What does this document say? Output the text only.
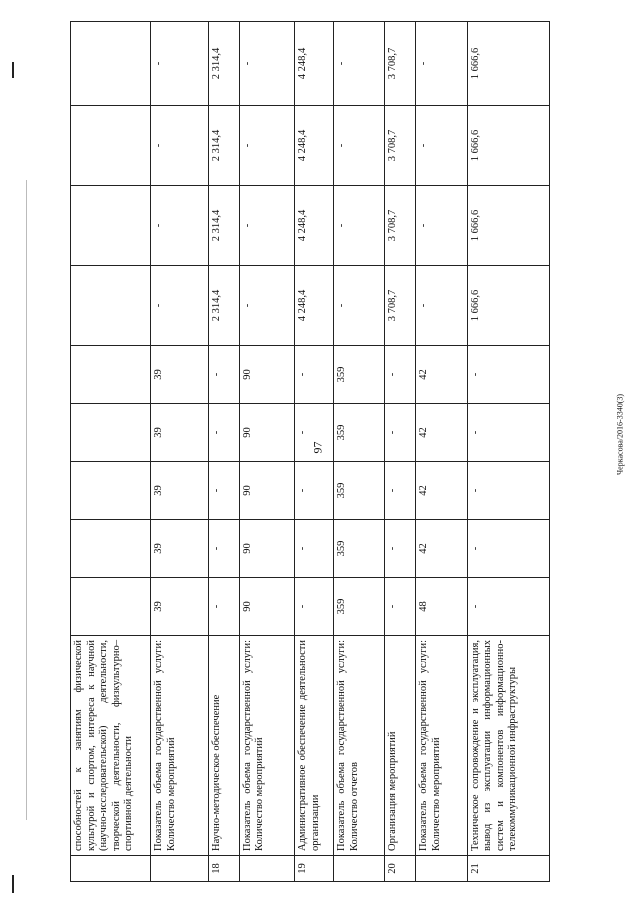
97	Черкасова/2016-3340(3)
	способностей к занятиям физической культурой и спортом, интереса к научной (научно-исследовательской) деятельности, творческой деятельности, физкультурно–спортивной деятельности									
	Показатель объема государственной услуги: Количество мероприятий	39	39	39	39	39	-	-	-	-
18	Научно-методическое обеспечение	-	-	-	-	-	2 314,4	2 314,4	2 314,4	2 314,4
	Показатель объема государственной услуги: Количество мероприятий	90	90	90	90	90	-	-	-	-
19	Административное обеспечение деятельности организации	-	-	-	-	-	4 248,4	4 248,4	4 248,4	4 248,4
	Показатель объема государственной услуги: Количество отчетов	359	359	359	359	359	-	-	-	-
20	Организация мероприятий	-	-	-	-	-	3 708,7	3 708,7	3 708,7	3 708,7
	Показатель объема государственной услуги: Количество мероприятий	48	42	42	42	42	-	-	-	-
21	Техническое сопровождение и эксплуатация, вывод из эксплуатации информационных систем и компонентов информационно-телекоммуникационной инфраструктуры	-	-	-	-	-	1 666,6	1 666,6	1 666,6	1 666,6
